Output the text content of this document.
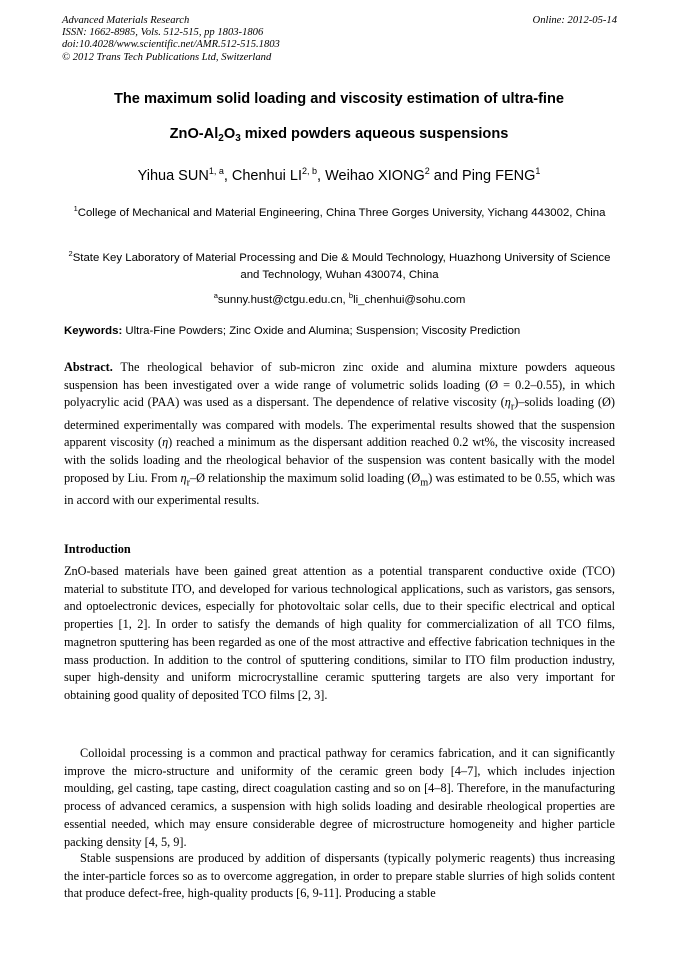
Advanced Materials Research
ISSN: 1662-8985, Vols. 512-515, pp 1803-1806
doi:10.4028/www.scientific.net/AMR.512-515.1803
© 2012 Trans Tech Publications Ltd, Switzerland
Online: 2012-05-14
The maximum solid loading and viscosity estimation of ultra-fine
ZnO-$Al_2O_3$ mixed powders aqueous suspensions
Yihua SUN$^{1, a}$, Chenhui LI$^{2, b}$, Weihao XIONG$^2$ and Ping FENG$^1$
$^1$College of Mechanical and Material Engineering, China Three Gorges University, Yichang 443002, China
$^2$State Key Laboratory of Material Processing and Die & Mould Technology, Huazhong University of Science and Technology, Wuhan 430074, China
$^a$sunny.hust@ctgu.edu.cn, $^b$li_chenhui@sohu.com
Keywords: Ultra-Fine Powders; Zinc Oxide and Alumina; Suspension; Viscosity Prediction
Abstract. The rheological behavior of sub-micron zinc oxide and alumina mixture powders aqueous suspension has been investigated over a wide range of volumetric solids loading (Ø = 0.2–0.55), in which polyacrylic acid (PAA) was used as a dispersant. The dependence of relative viscosity $(\eta_r)$–solids loading (Ø) determined experimentally was compared with models. The experimental results showed that the suspension apparent viscosity (η) reached a minimum as the dispersant addition reached 0.2 wt%, the viscosity increased with the solids loading and the rheological behavior of the suspension was content basically with the model proposed by Liu. From $\eta_r-Ø$ relationship the maximum solid loading $(Ø_m)$ was estimated to be 0.55, which was in accord with our experimental results.
Introduction
ZnO-based materials have been gained great attention as a potential transparent conductive oxide (TCO) material to substitute ITO, and developed for various technological applications, such as varistors, gas sensors, and optoelectronic devices, especially for photovoltaic solar cells, due to their specific electrical and optical properties [1, 2]. In order to satisfy the demands of high quality for commercialization of all TCO films, magnetron sputtering has been regarded as one of the most attractive and effective fabrication techniques in the mass production. In addition to the control of sputtering conditions, similar to ITO film production industry, super high-density and uniform microcrystalline ceramic sputtering targets are also very important for obtaining good quality of deposited TCO films [2, 3].
Colloidal processing is a common and practical pathway for ceramics fabrication, and it can significantly improve the micro-structure and uniformity of the ceramic green body [4–7], which includes injection moulding, gel casting, tape casting, direct coagulation casting and so on [4–8]. Therefore, in the manufacturing process of advanced ceramics, a suspension with high solids loading and desirable rheological properties are essential needed, which may ensure considerable degree of microstructure homogeneity and higher particle packing density [4, 5, 9].
Stable suspensions are produced by addition of dispersants (typically polymeric reagents) thus increasing the inter-particle forces so as to overcome aggregation, in order to prepare stable slurries of high solids content that produce defect-free, high-quality products [6, 9-11]. Producing a stable
